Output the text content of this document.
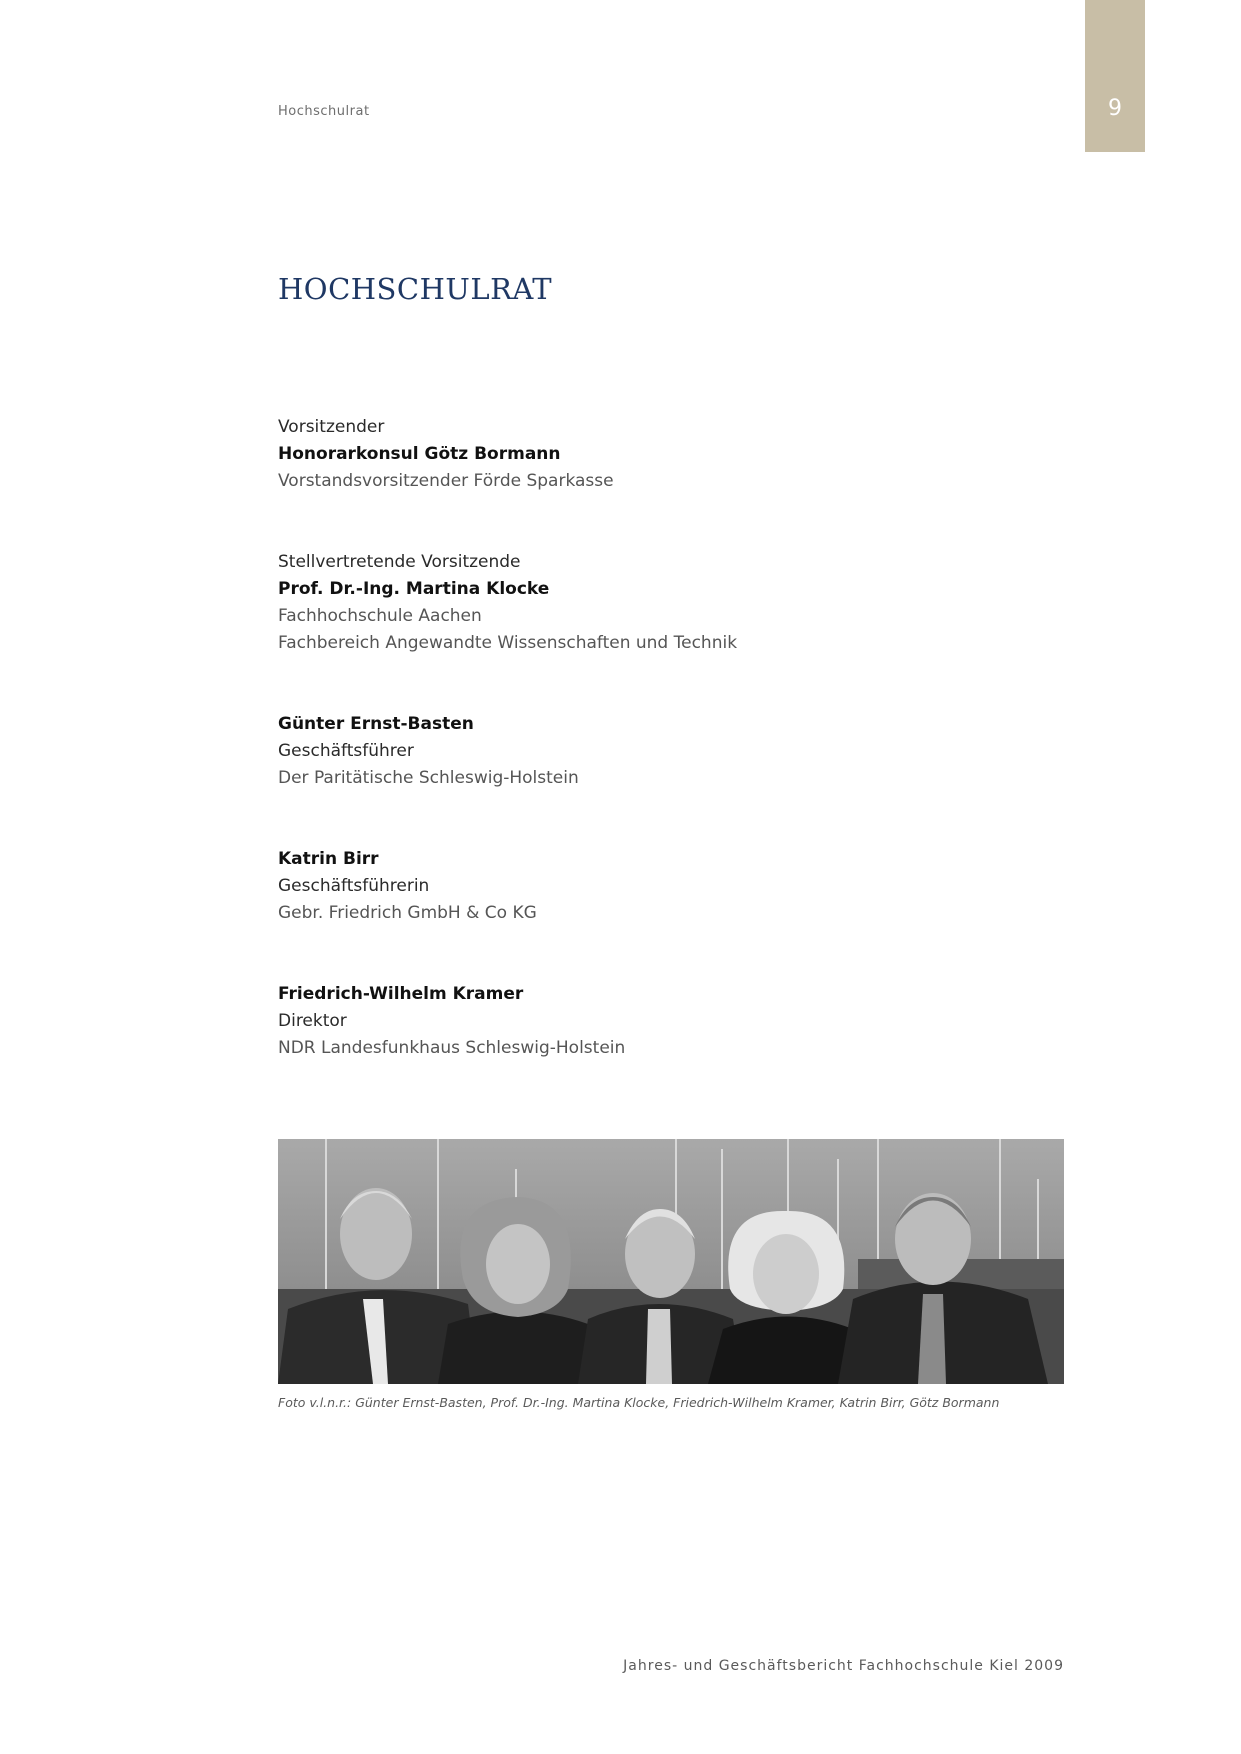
9
Hochschulrat
HOCHSCHULRAT
Vorsitzender
Honorarkonsul Götz Bormann
Vorstandsvorsitzender Förde Sparkasse
Stellvertretende Vorsitzende
Prof. Dr.-Ing. Martina Klocke
Fachhochschule Aachen
Fachbereich Angewandte Wissenschaften und Technik
Günter Ernst-Basten
Geschäftsführer
Der Paritätische Schleswig-Holstein
Katrin Birr
Geschäftsführerin
Gebr. Friedrich GmbH & Co KG
Friedrich-Wilhelm Kramer
Direktor
NDR Landesfunkhaus Schleswig-Holstein
Foto v.l.n.r.: Günter Ernst-Basten, Prof. Dr.-Ing. Martina Klocke, Friedrich-Wilhelm Kramer, Katrin Birr, Götz Bormann
Jahres- und Geschäftsbericht Fachhochschule Kiel 2009
